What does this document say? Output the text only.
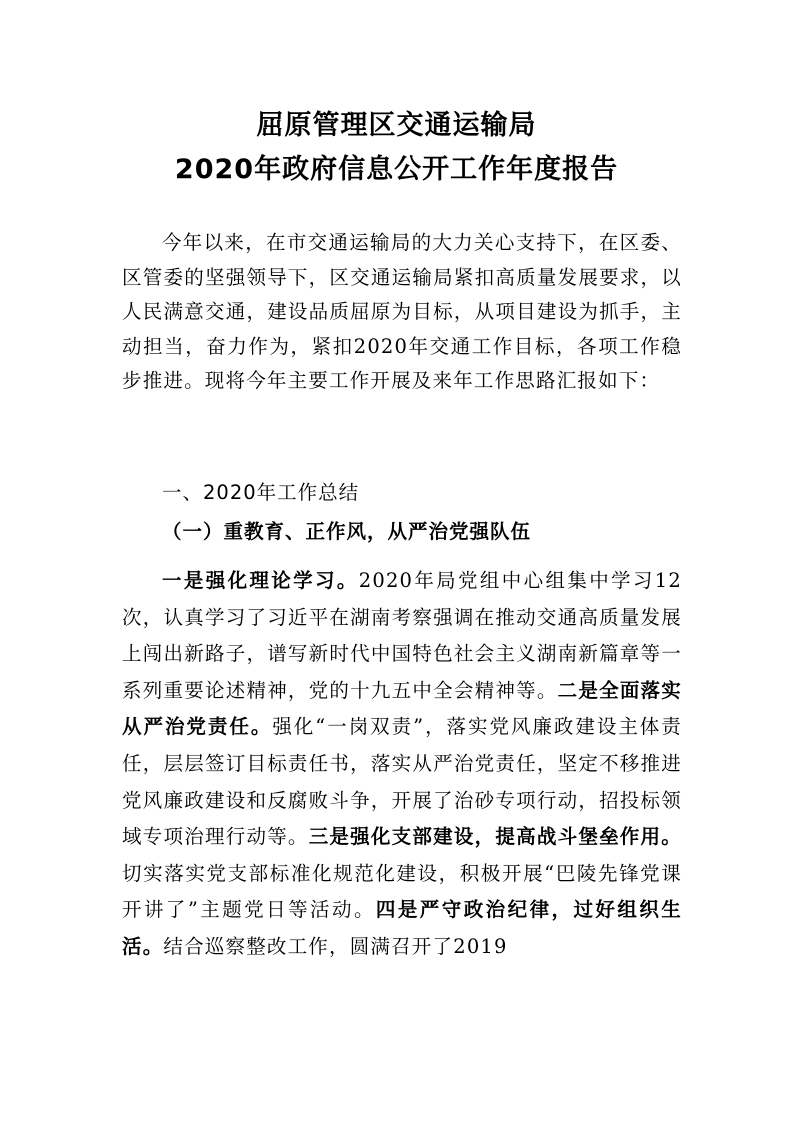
屈原管理区交通运输局
2020年政府信息公开工作年度报告
今年以来，在市交通运输局的大力关心支持下，在区委、区管委的坚强领导下，区交通运输局紧扣高质量发展要求，以人民满意交通，建设品质屈原为目标，从项目建设为抓手，主动担当，奋力作为，紧扣2020年交通工作目标，各项工作稳步推进。现将今年主要工作开展及来年工作思路汇报如下：
一、2020年工作总结
（一）重教育、正作风，从严治党强队伍
一是强化理论学习。2020年局党组中心组集中学习12次，认真学习了习近平在湖南考察强调在推动交通高质量发展上闯出新路子，谱写新时代中国特色社会主义湖南新篇章等一系列重要论述精神，党的十九五中全会精神等。二是全面落实从严治党责任。强化“一岗双责”，落实党风廉政建设主体责任，层层签订目标责任书，落实从严治党责任，坚定不移推进党风廉政建设和反腐败斗争，开展了治砂专项行动，招投标领域专项治理行动等。三是强化支部建设，提高战斗堡垒作用。切实落实党支部标准化规范化建设，积极开展“巴陵先锋党课开讲了”主题党日等活动。四是严守政治纪律，过好组织生活。结合巡察整改工作，圆满召开了2019
